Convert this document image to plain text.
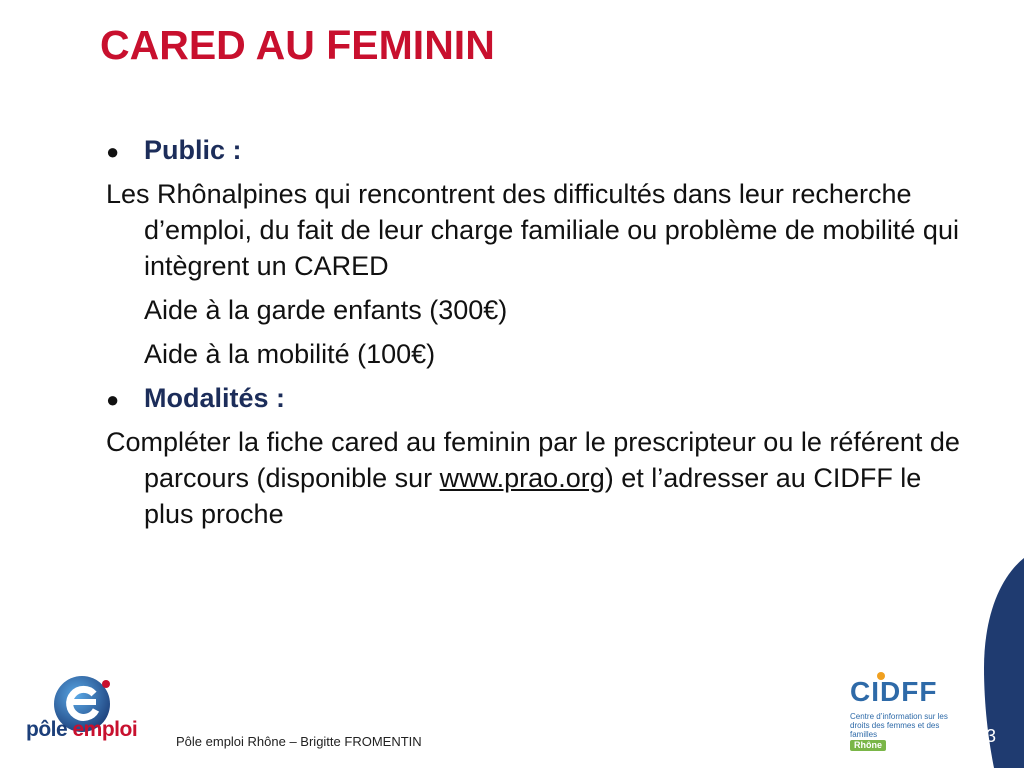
CARED AU FEMININ
● Public :

Les Rhônalpines qui rencontrent des difficultés dans leur recherche d’emploi, du fait de leur charge familiale ou problème de mobilité qui intègrent un CARED

Aide à la garde enfants (300€)

Aide à la mobilité (100€)

● Modalités :

Compléter la fiche cared au feminin par le prescripteur ou le référent de parcours (disponible sur www.prao.org) et l’adresser au CIDFF le plus proche

pôle emploi

Pôle emploi Rhône – Brigitte FROMENTIN

CIDFF

Centre d’information sur les droits des femmes et des familles

Rhône	13
